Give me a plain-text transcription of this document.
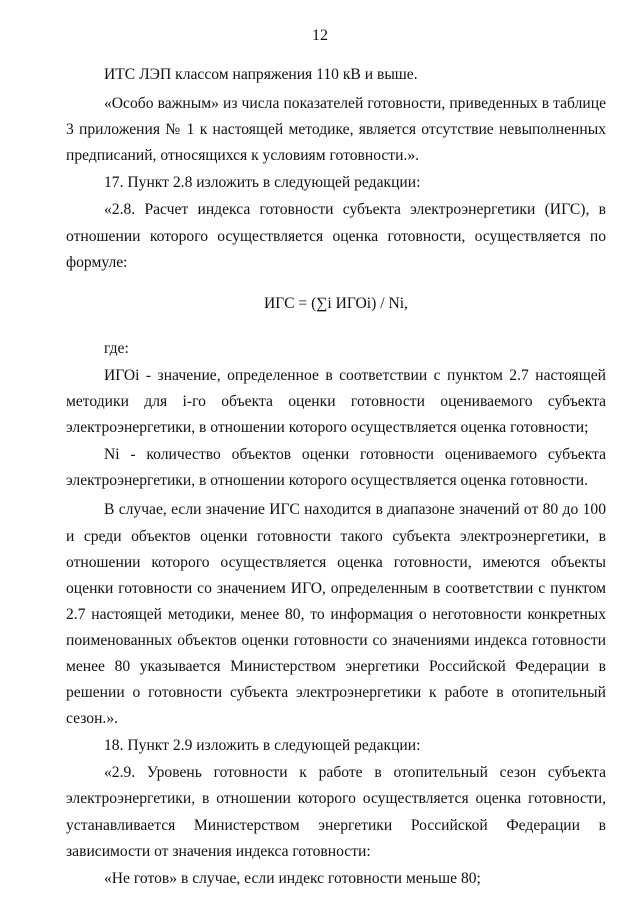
12

ИТС ЛЭП классом напряжения 110 кВ и выше.

«Особо важным» из числа показателей готовности, приведенных в таблице 3 приложения № 1 к настоящей методике, является отсутствие невыполненных предписаний, относящихся к условиям готовности.».

17. Пункт 2.8 изложить в следующей редакции:

«2.8. Расчет индекса готовности субъекта электроэнергетики (ИГС), в отношении которого осуществляется оценка готовности, осуществляется по формуле:

ИГС = (∑i ИГОi) / Ni,

где:

ИГОi - значение, определенное в соответствии с пунктом 2.7 настоящей методики для i-го объекта оценки готовности оцениваемого субъекта электроэнергетики, в отношении которого осуществляется оценка готовности;

Ni - количество объектов оценки готовности оцениваемого субъекта электроэнергетики, в отношении которого осуществляется оценка готовности.

В случае, если значение ИГС находится в диапазоне значений от 80 до 100 и среди объектов оценки готовности такого субъекта электроэнергетики, в отношении которого осуществляется оценка готовности, имеются объекты оценки готовности со значением ИГО, определенным в соответствии с пунктом 2.7 настоящей методики, менее 80, то информация о неготовности конкретных поименованных объектов оценки готовности со значениями индекса готовности менее 80 указывается Министерством энергетики Российской Федерации в решении о готовности субъекта электроэнергетики к работе в отопительный сезон.».

18. Пункт 2.9 изложить в следующей редакции:

«2.9. Уровень готовности к работе в отопительный сезон субъекта электроэнергетики, в отношении которого осуществляется оценка готовности, устанавливается Министерством энергетики Российской Федерации в зависимости от значения индекса готовности:

«Не готов» в случае, если индекс готовности меньше 80;
